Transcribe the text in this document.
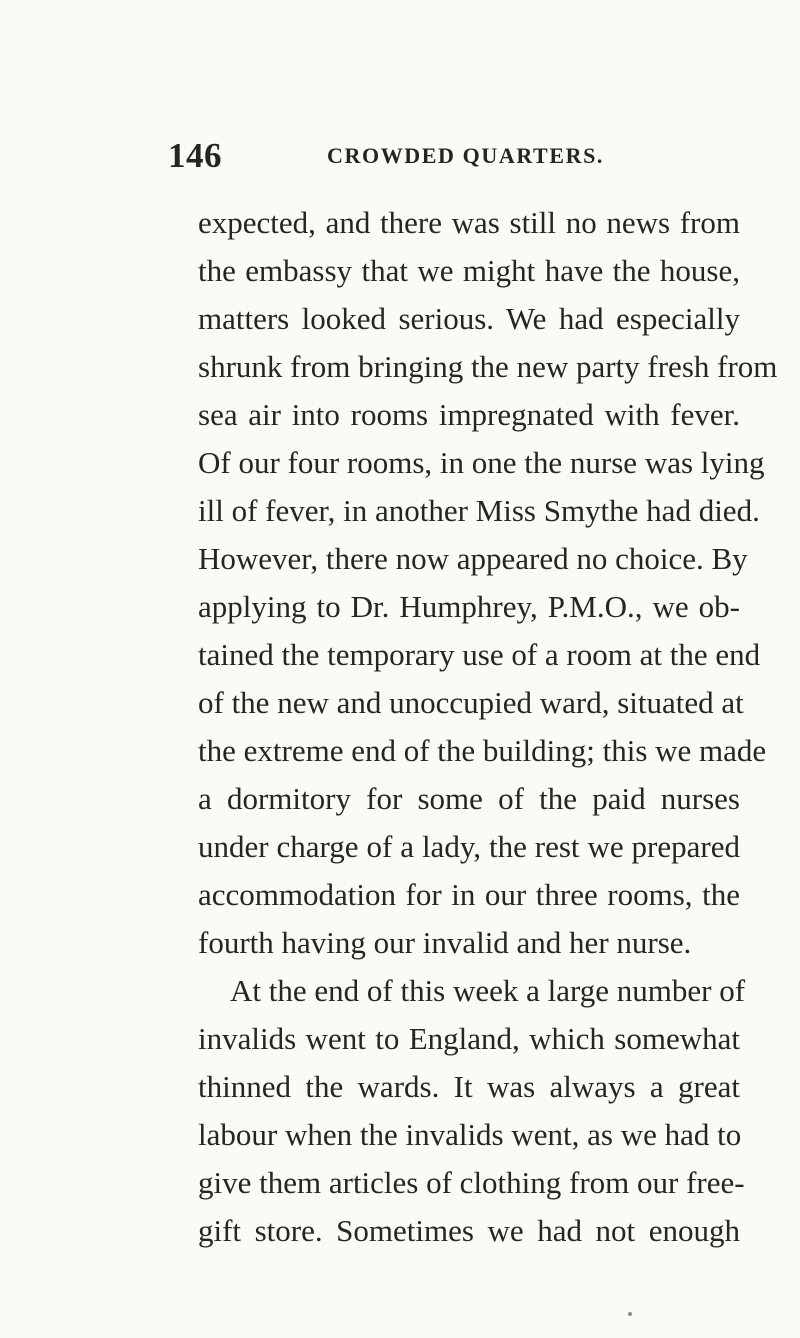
146	CROWDED QUARTERS.
expected, and there was still no news from
the embassy that we might have the house,
matters looked serious. We had especially
shrunk from bringing the new party fresh from
sea air into rooms impregnated with fever.
Of our four rooms, in one the nurse was lying
ill of fever, in another Miss Smythe had died.
However, there now appeared no choice. By
applying to Dr. Humphrey, P.M.O., we ob-
tained the temporary use of a room at the end
of the new and unoccupied ward, situated at
the extreme end of the building; this we made
a dormitory for some of the paid nurses
under charge of a lady, the rest we prepared
accommodation for in our three rooms, the
fourth having our invalid and her nurse.
At the end of this week a large number of
invalids went to England, which somewhat
thinned the wards. It was always a great
labour when the invalids went, as we had to
give them articles of clothing from our free-
gift store. Sometimes we had not enough
